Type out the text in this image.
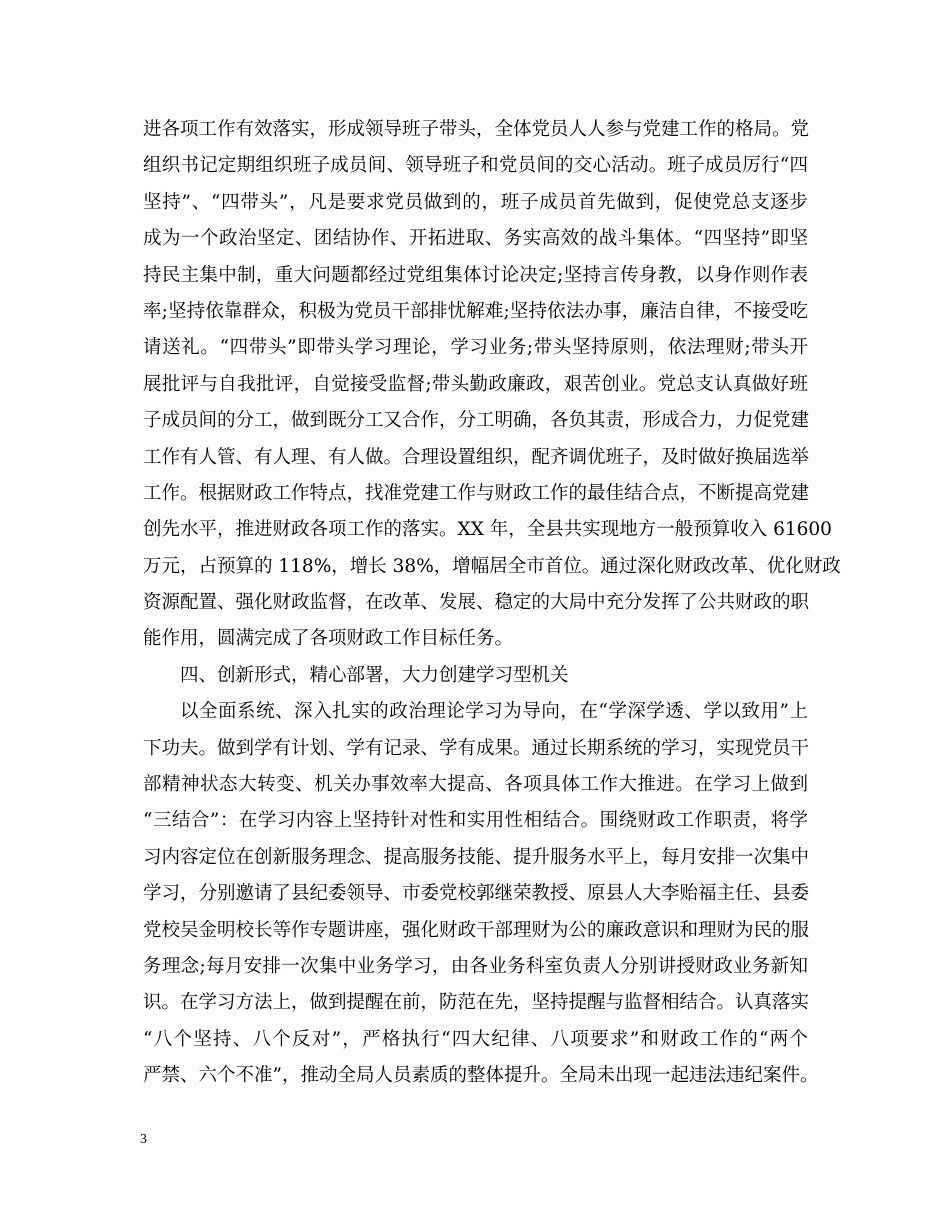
进各项工作有效落实，形成领导班子带头，全体党员人人参与党建工作的格局。党
组织书记定期组织班子成员间、领导班子和党员间的交心活动。班子成员厉行“四
坚持”、“四带头”，凡是要求党员做到的，班子成员首先做到，促使党总支逐步
成为一个政治坚定、团结协作、开拓进取、务实高效的战斗集体。“四坚持”即坚
持民主集中制，重大问题都经过党组集体讨论决定;坚持言传身教，以身作则作表
率;坚持依靠群众，积极为党员干部排忧解难;坚持依法办事，廉洁自律，不接受吃
请送礼。“四带头”即带头学习理论，学习业务;带头坚持原则，依法理财;带头开
展批评与自我批评，自觉接受监督;带头勤政廉政，艰苦创业。党总支认真做好班
子成员间的分工，做到既分工又合作，分工明确，各负其责，形成合力，力促党建
工作有人管、有人理、有人做。合理设置组织，配齐调优班子，及时做好换届选举
工作。根据财政工作特点，找准党建工作与财政工作的最佳结合点，不断提高党建
创先水平，推进财政各项工作的落实。XX 年，全县共实现地方一般预算收入 61600
万元，占预算的 118%，增长 38%，增幅居全市首位。通过深化财政改革、优化财政
资源配置、强化财政监督，在改革、发展、稳定的大局中充分发挥了公共财政的职
能作用，圆满完成了各项财政工作目标任务。
四、创新形式，精心部署，大力创建学习型机关
以全面系统、深入扎实的政治理论学习为导向，在“学深学透、学以致用”上
下功夫。做到学有计划、学有记录、学有成果。通过长期系统的学习，实现党员干
部精神状态大转变、机关办事效率大提高、各项具体工作大推进。在学习上做到
“三结合”：在学习内容上坚持针对性和实用性相结合。围绕财政工作职责，将学
习内容定位在创新服务理念、提高服务技能、提升服务水平上，每月安排一次集中
学习，分别邀请了县纪委领导、市委党校郭继荣教授、原县人大李贻福主任、县委
党校吴金明校长等作专题讲座，强化财政干部理财为公的廉政意识和理财为民的服
务理念;每月安排一次集中业务学习，由各业务科室负责人分别讲授财政业务新知
识。在学习方法上，做到提醒在前，防范在先，坚持提醒与监督相结合。认真落实
“八个坚持、八个反对”，严格执行“四大纪律、八项要求”和财政工作的“两个
严禁、六个不准”，推动全局人员素质的整体提升。全局未出现一起违法违纪案件。
3
